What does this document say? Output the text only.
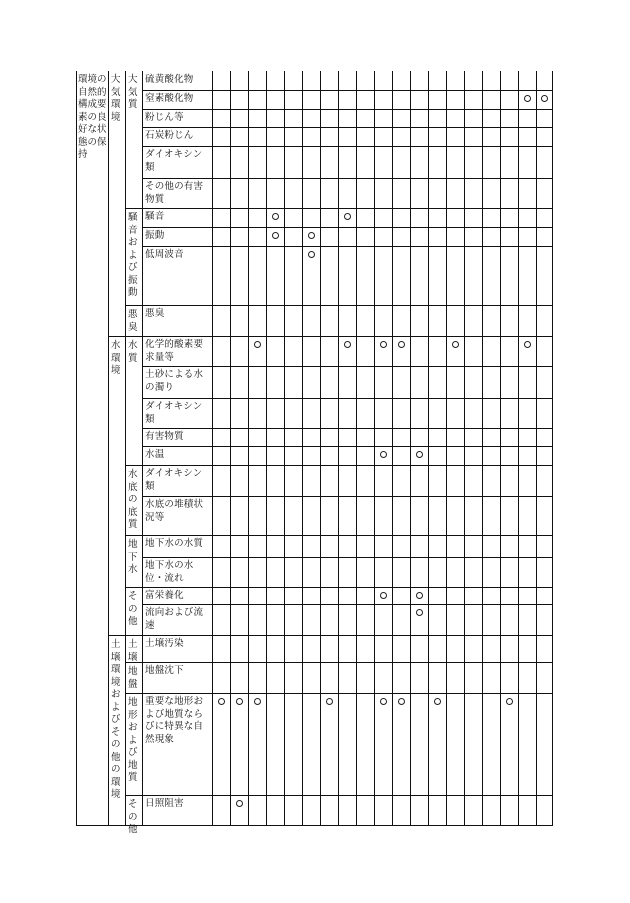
環境の自然的構成要素の良好な状態の保持
大気環境
水環境
土壌環境およびその他の環境
大気質
騒音および振動
悪臭
水質
水底の底質
地下水
その他
土壌
地盤
地形および地質
その他
硫黄酸化物
窒素酸化物
粉じん等
石炭粉じん
ダイオキシン類
その他の有害物質
騒音
振動
低周波音
悪臭
化学的酸素要求量等
土砂による水の濁り
ダイオキシン類
有害物質
水温
ダイオキシン類
水底の堆積状況等
地下水の水質
地下水の水位・流れ
富栄養化
流向および流速
土壌汚染
地盤沈下
重要な地形および地質ならびに特異な自然現象
日照阻害
